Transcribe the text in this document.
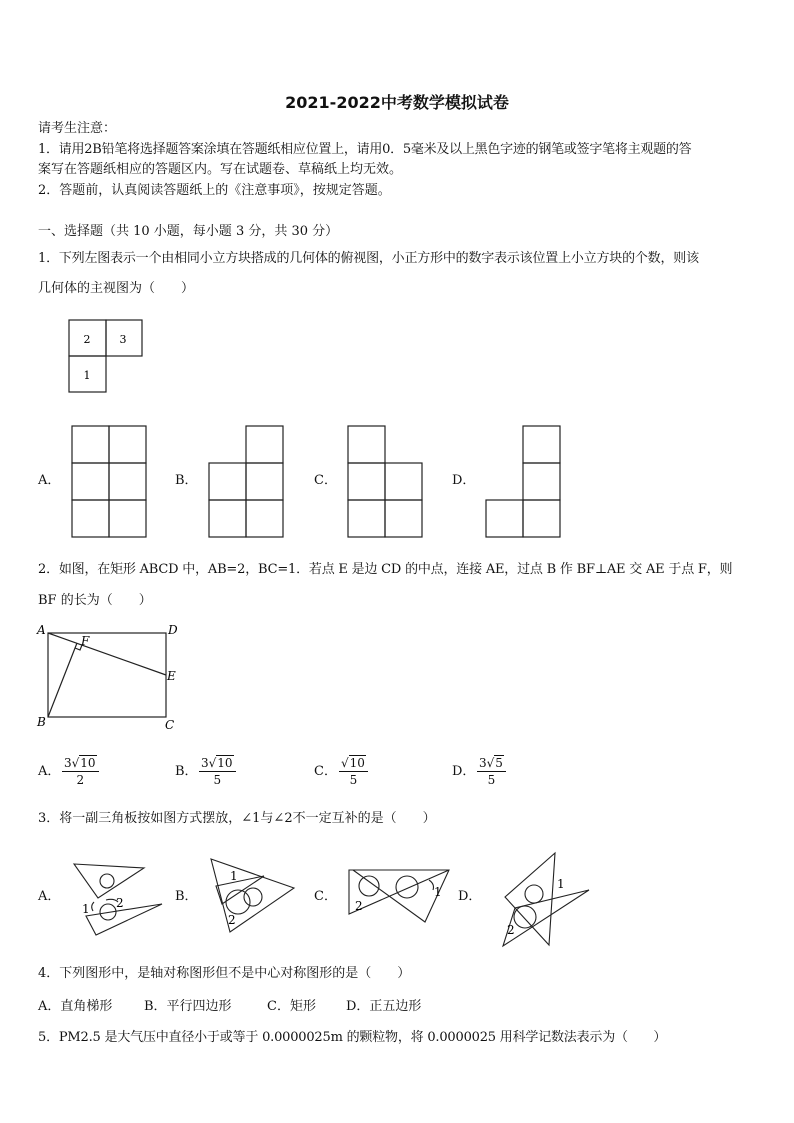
2021-2022中考数学模拟试卷
请考生注意：
1．请用2B铅笔将选择题答案涂填在答题纸相应位置上，请用0．5毫米及以上黑色字迹的钢笔或签字笔将主观题的答
案写在答题纸相应的答题区内。写在试题卷、草稿纸上均无效。
2．答题前，认真阅读答题纸上的《注意事项》，按规定答题。
一、选择题（共 10 小题，每小题 3 分，共 30 分）
1．下列左图表示一个由相同小立方块搭成的几何体的俯视图，小正方形中的数字表示该位置上小立方块的个数，则该
几何体的主视图为（　　）
2	3
1
A．	B．	C．	D．
2．如图，在矩形 ABCD 中，AB=2，BC=1．若点 E 是边 CD 的中点，连接 AE，过点 B 作 BF⊥AE 交 AE 于点 F，则
BF 的长为（　　）
A	D
E
B	C
F
A． $\frac{3√10}{2}$	B． $\frac{3√10}{5}$	C． $\frac{√10}{5}$	D． $\frac{3√5}{5}$
3．将一副三角板按如图方式摆放，∠1与∠2不一定互补的是（　　）
A．
1 2	B．
1
2
C．
2
1 D．
1
2
4．下列图形中，是轴对称图形但不是中心对称图形的是（　　）
A．直角梯形 B．平行四边形	C．矩形 D．正五边形
5．PM2.5 是大气压中直径小于或等于 0.0000025m 的颗粒物，将 0.0000025 用科学记数法表示为（　　）
